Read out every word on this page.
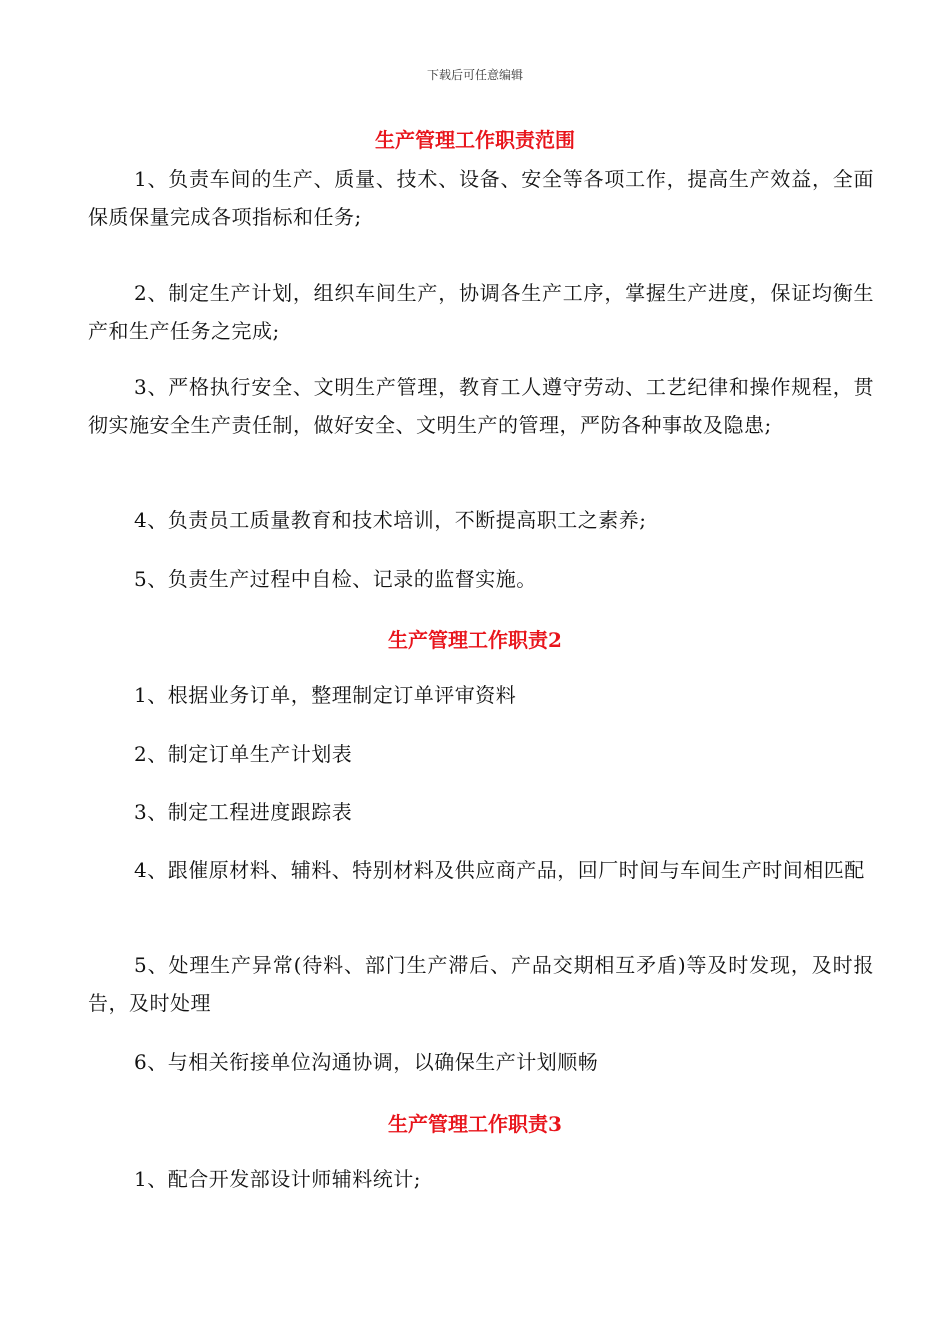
下载后可任意编辑
生产管理工作职责范围

1、负责车间的生产、质量、技术、设备、安全等各项工作，提高生产效益，全面保质保量完成各项指标和任务;

2、制定生产计划，组织车间生产，协调各生产工序，掌握生产进度，保证均衡生产和生产任务之完成;

3、严格执行安全、文明生产管理，教育工人遵守劳动、工艺纪律和操作规程，贯彻实施安全生产责任制，做好安全、文明生产的管理，严防各种事故及隐患;

4、负责员工质量教育和技术培训，不断提高职工之素养;

5、负责生产过程中自检、记录的监督实施。

生产管理工作职责2

1、根据业务订单，整理制定订单评审资料

2、制定订单生产计划表

3、制定工程进度跟踪表

4、跟催原材料、辅料、特别材料及供应商产品，回厂时间与车间生产时间相匹配

5、处理生产异常(待料、部门生产滞后、产品交期相互矛盾)等及时发现，及时报告，及时处理

6、与相关衔接单位沟通协调，以确保生产计划顺畅

生产管理工作职责3

1、配合开发部设计师辅料统计;
